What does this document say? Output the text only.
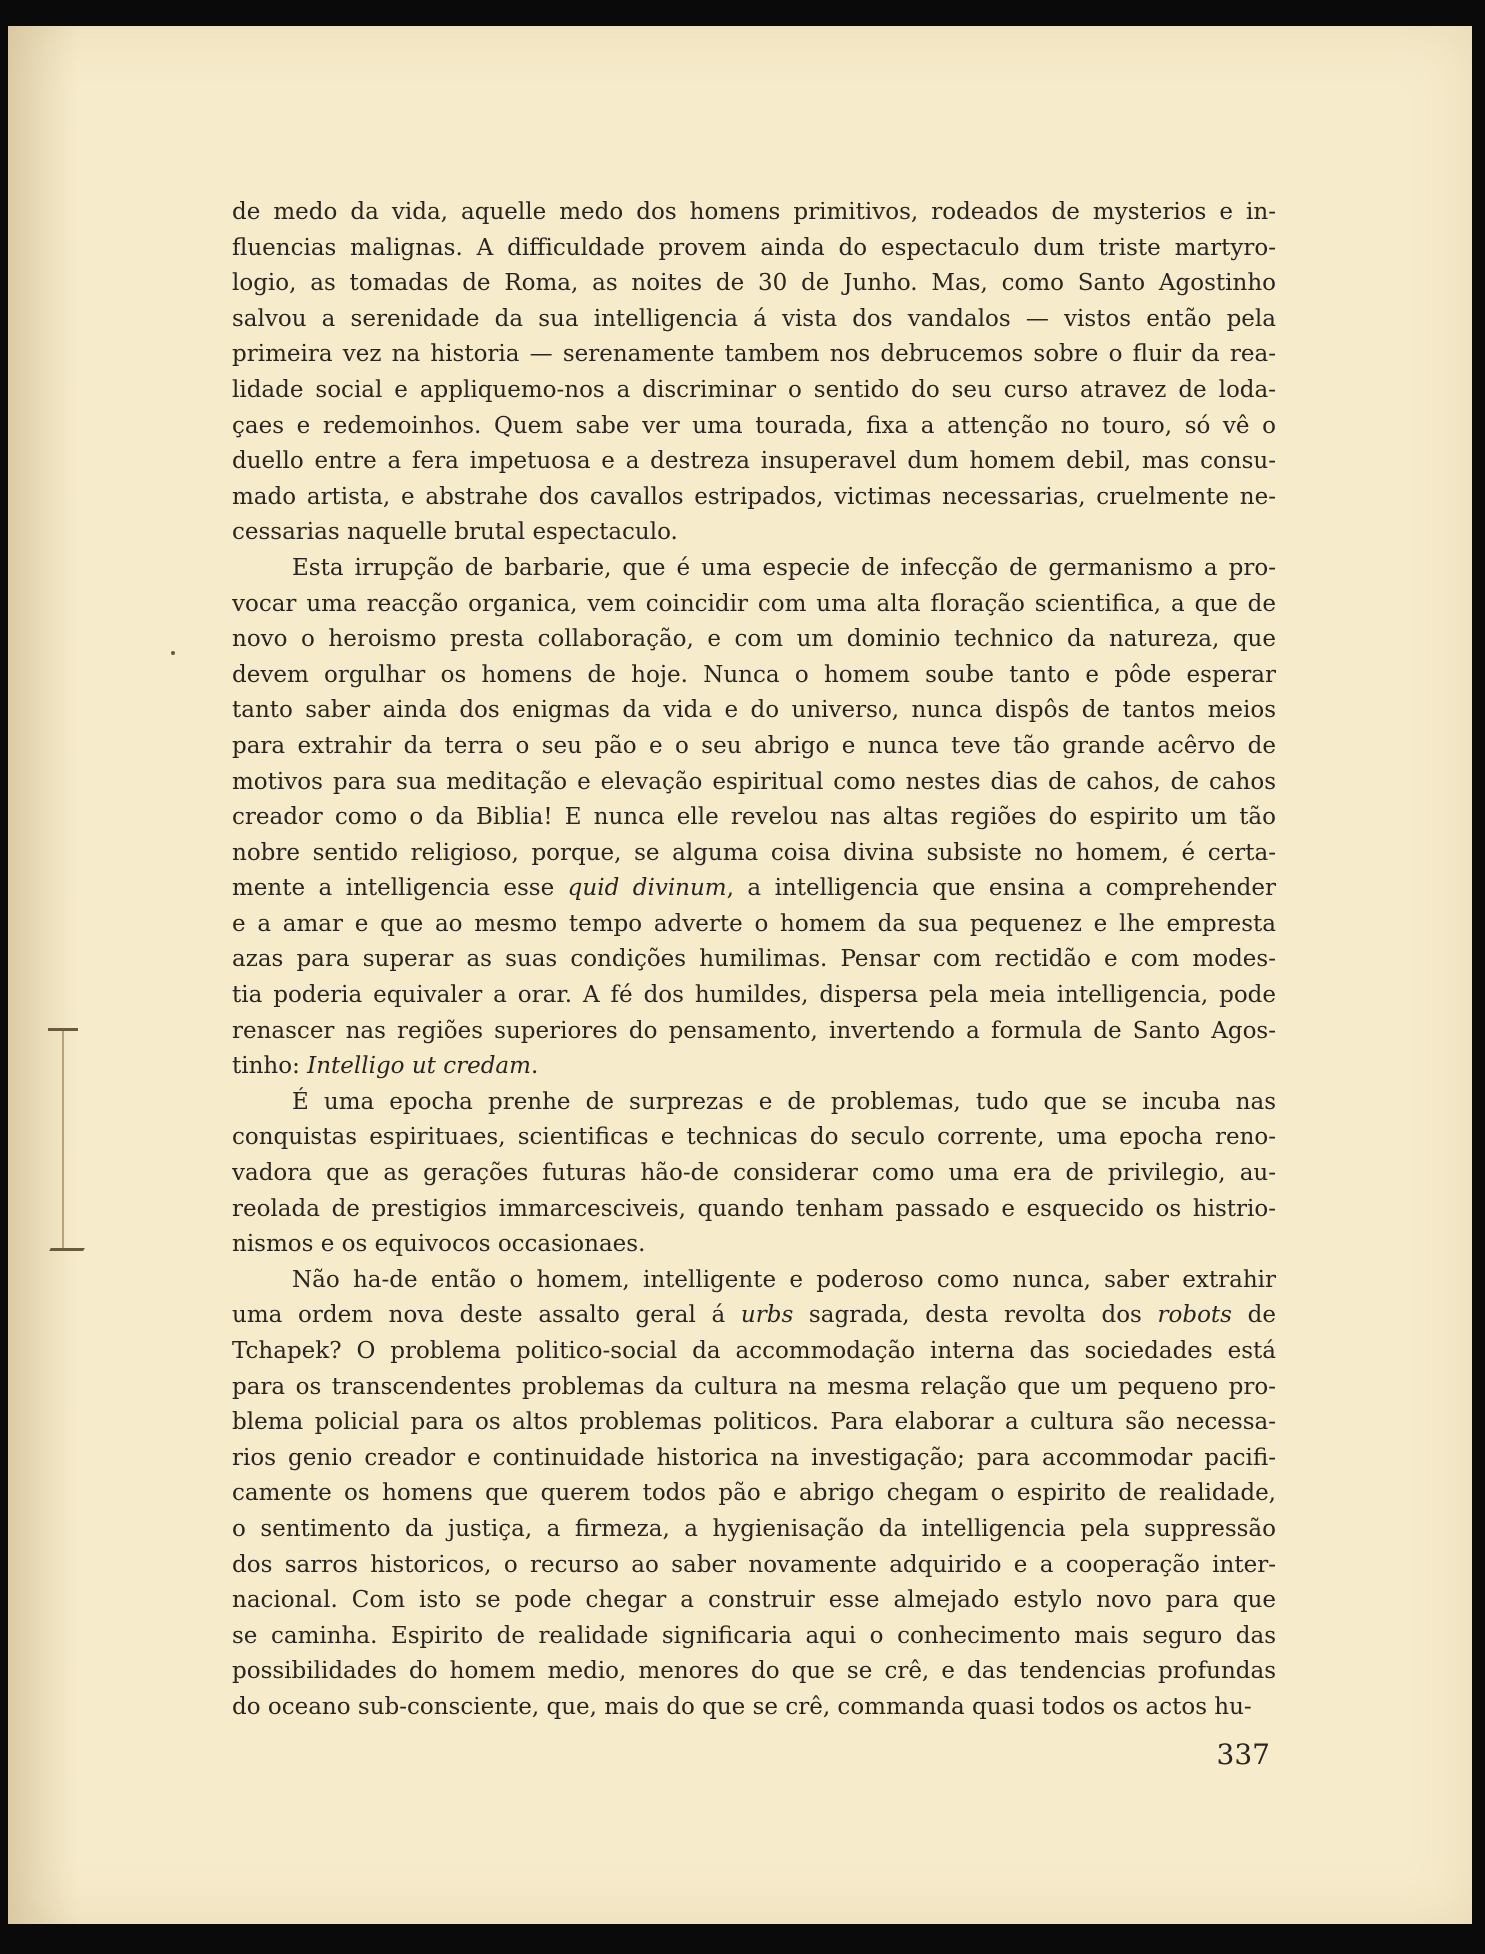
de medo da vida, aquelle medo dos homens primitivos, rodeados de mysterios e in-
fluencias malignas. A difficuldade provem ainda do espectaculo dum triste martyro-
logio, as tomadas de Roma, as noites de 30 de Junho. Mas, como Santo Agostinho
salvou a serenidade da sua intelligencia á vista dos vandalos — vistos então pela
primeira vez na historia — serenamente tambem nos debrucemos sobre o fluir da rea-
lidade social e appliquemo-nos a discriminar o sentido do seu curso atravez de loda-
çaes e redemoinhos. Quem sabe ver uma tourada, fixa a attenção no touro, só vê o
duello entre a fera impetuosa e a destreza insuperavel dum homem debil, mas consu-
mado artista, e abstrahe dos cavallos estripados, victimas necessarias, cruelmente ne-
cessarias naquelle brutal espectaculo.
Esta irrupção de barbarie, que é uma especie de infecção de germanismo a pro-
vocar uma reacção organica, vem coincidir com uma alta floração scientifica, a que de
novo o heroismo presta collaboração, e com um dominio technico da natureza, que
devem orgulhar os homens de hoje. Nunca o homem soube tanto e pôde esperar
tanto saber ainda dos enigmas da vida e do universo, nunca dispôs de tantos meios
para extrahir da terra o seu pão e o seu abrigo e nunca teve tão grande acêrvo de
motivos para sua meditação e elevação espiritual como nestes dias de cahos, de cahos
creador como o da Biblia! E nunca elle revelou nas altas regiões do espirito um tão
nobre sentido religioso, porque, se alguma coisa divina subsiste no homem, é certa-
mente a intelligencia esse quid divinum, a intelligencia que ensina a comprehender
e a amar e que ao mesmo tempo adverte o homem da sua pequenez e lhe empresta
azas para superar as suas condições humilimas. Pensar com rectidão e com modes-
tia poderia equivaler a orar. A fé dos humildes, dispersa pela meia intelligencia, pode
renascer nas regiões superiores do pensamento, invertendo a formula de Santo Agos-
tinho: Intelligo ut credam.
É uma epocha prenhe de surprezas e de problemas, tudo que se incuba nas
conquistas espirituaes, scientificas e technicas do seculo corrente, uma epocha reno-
vadora que as gerações futuras hão-de considerar como uma era de privilegio, au-
reolada de prestigios immarcesciveis, quando tenham passado e esquecido os histrio-
nismos e os equivocos occasionaes.
Não ha-de então o homem, intelligente e poderoso como nunca, saber extrahir
uma ordem nova deste assalto geral á urbs sagrada, desta revolta dos robots de
Tchapek? O problema politico-social da accommodação interna das sociedades está
para os transcendentes problemas da cultura na mesma relação que um pequeno pro-
blema policial para os altos problemas politicos. Para elaborar a cultura são necessa-
rios genio creador e continuidade historica na investigação; para accommodar pacifi-
camente os homens que querem todos pão e abrigo chegam o espirito de realidade,
o sentimento da justiça, a firmeza, a hygienisação da intelligencia pela suppressão
dos sarros historicos, o recurso ao saber novamente adquirido e a cooperação inter-
nacional. Com isto se pode chegar a construir esse almejado estylo novo para que
se caminha. Espirito de realidade significaria aqui o conhecimento mais seguro das
possibilidades do homem medio, menores do que se crê, e das tendencias profundas
do oceano sub-consciente, que, mais do que se crê, commanda quasi todos os actos hu-
337
